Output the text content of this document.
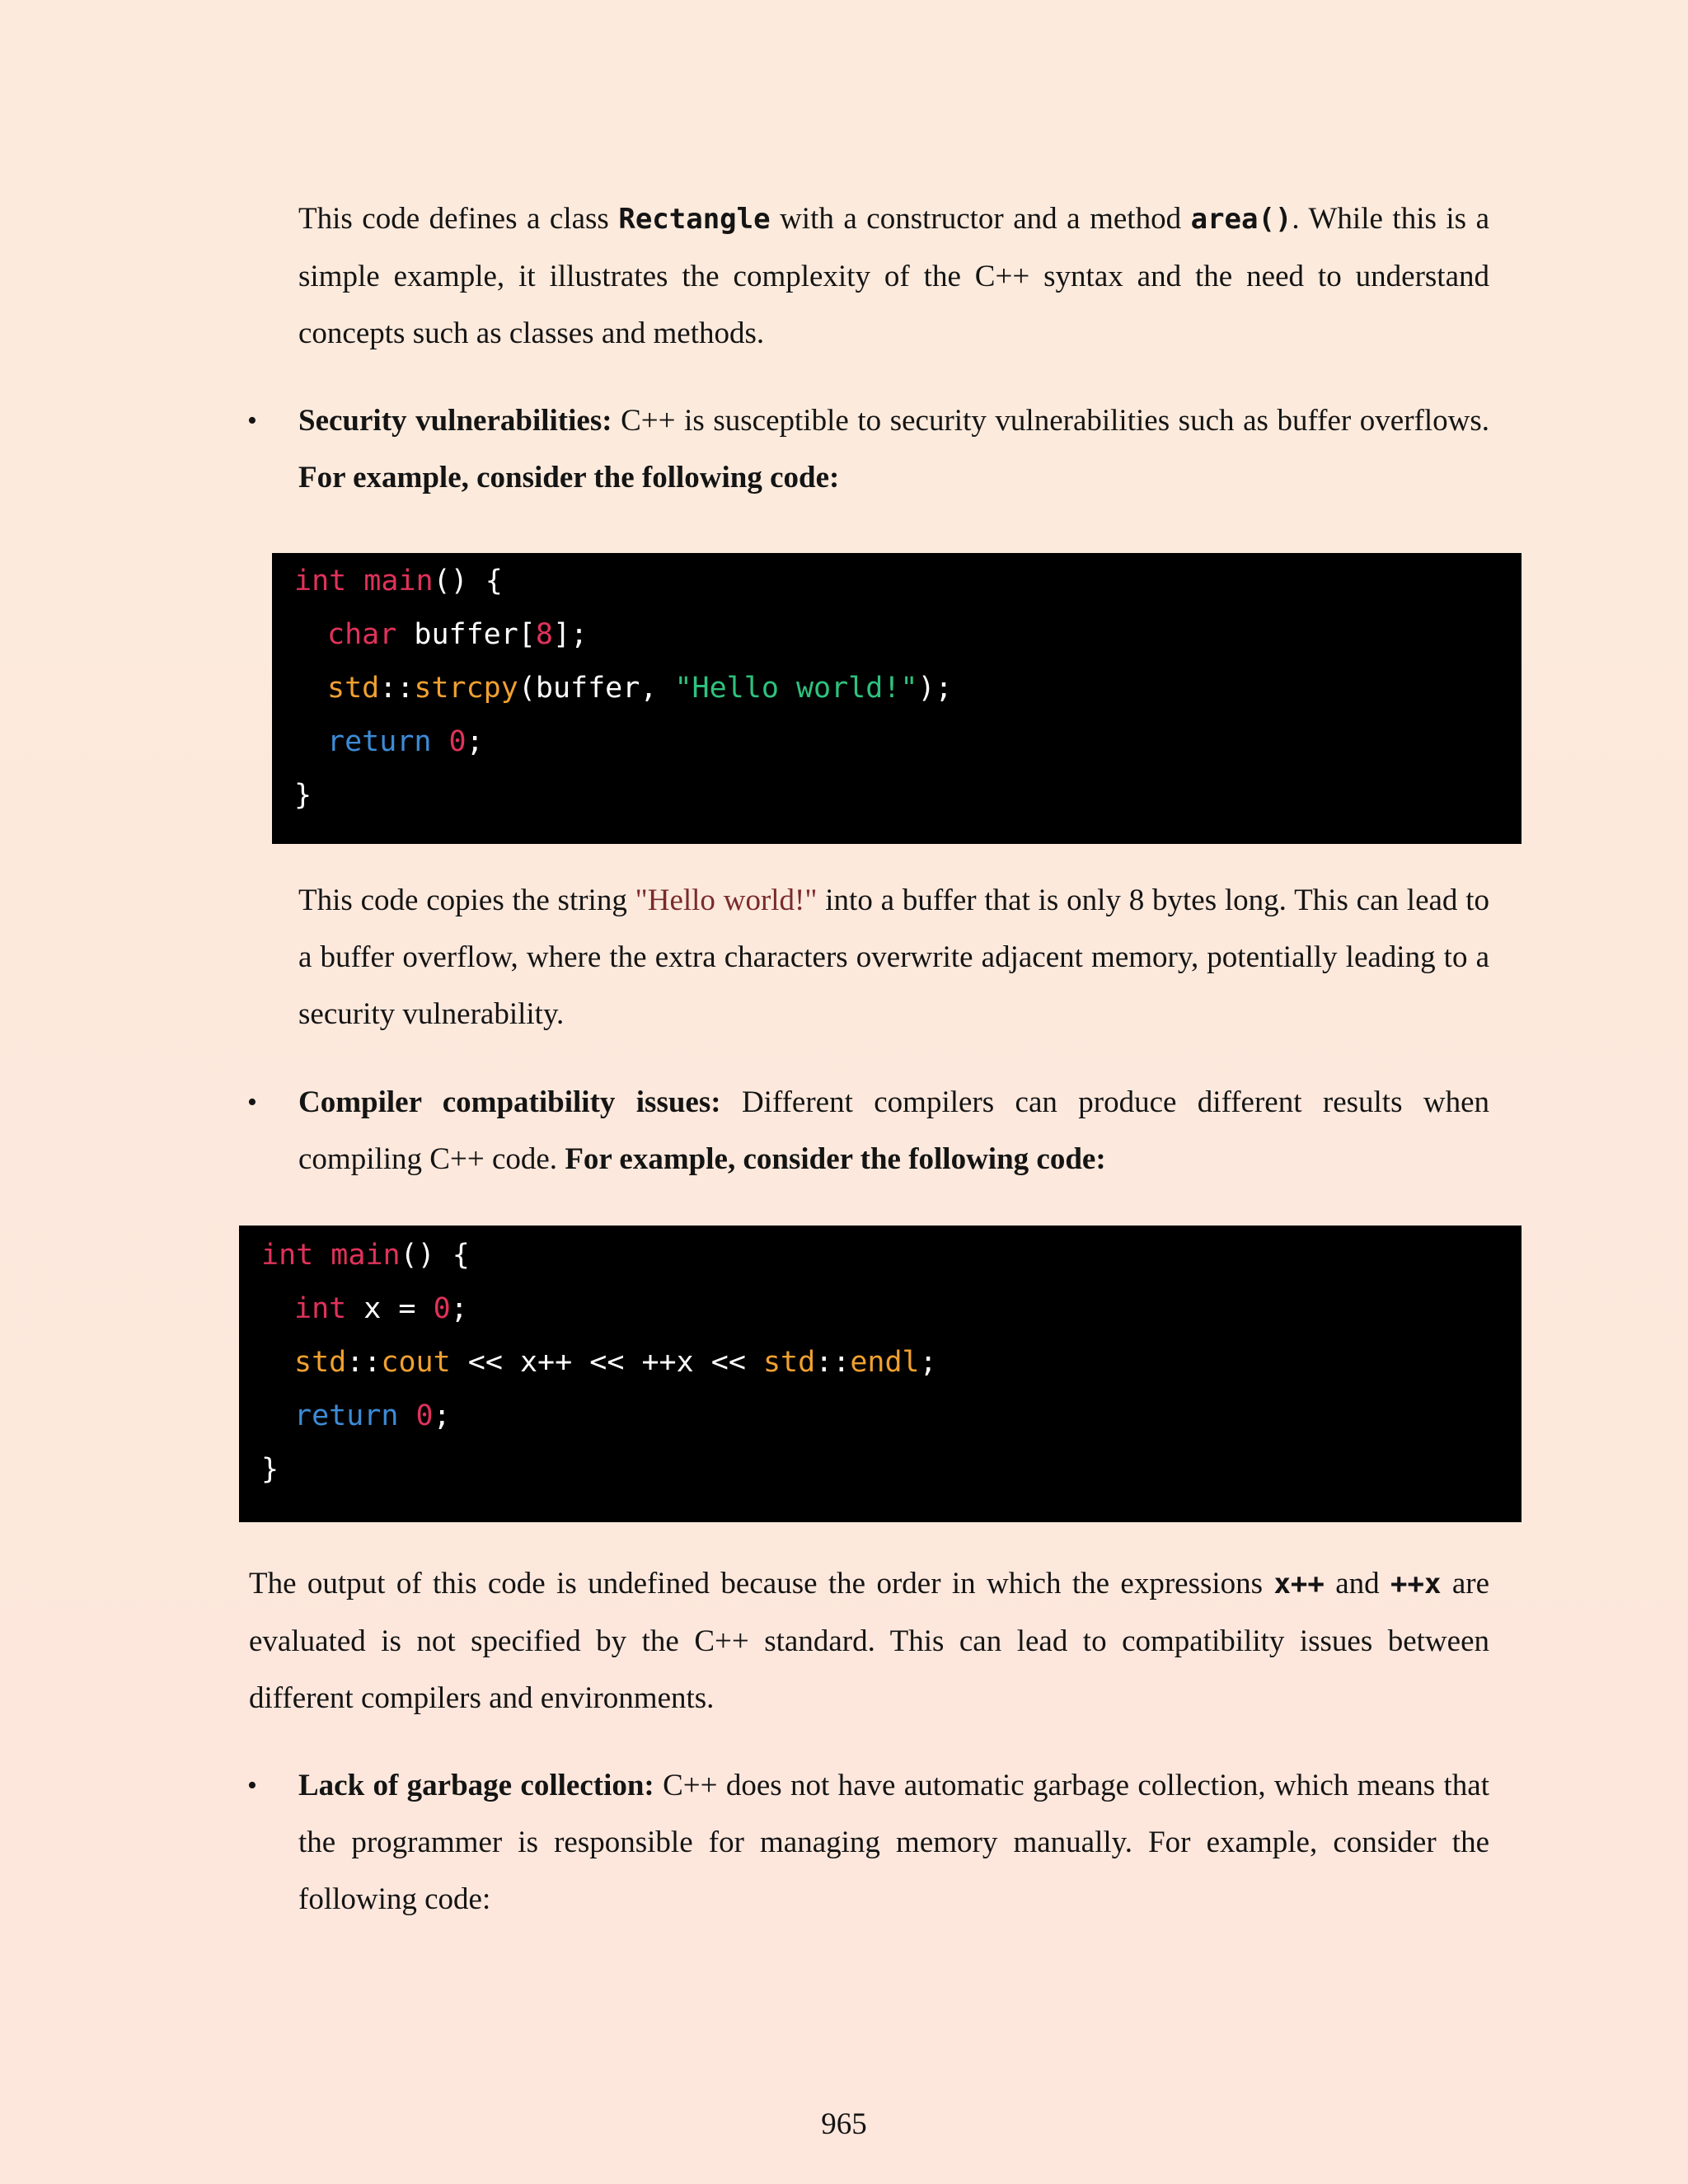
This code defines a class Rectangle with a constructor and a method area(). While this is a simple example, it illustrates the complexity of the C++ syntax and the need to understand concepts such as classes and methods.

• Security vulnerabilities: C++ is susceptible to security vulnerabilities such as buffer overflows. For example, consider the following code:

int main() {
char buffer[8];
std::strcpy(buffer, "Hello world!");
return 0;
}

This code copies the string "Hello world!" into a buffer that is only 8 bytes long. This can lead to a buffer overflow, where the extra characters overwrite adjacent memory, potentially leading to a security vulnerability.

• Compiler compatibility issues: Different compilers can produce different results when compiling C++ code. For example, consider the following code:

int main() {
int x = 0;
std::cout << x++ << ++x << std::endl;
return 0;
}

The output of this code is undefined because the order in which the expressions x++ and ++x are evaluated is not specified by the C++ standard. This can lead to compatibility issues between different compilers and environments.

• Lack of garbage collection: C++ does not have automatic garbage collection, which means that the programmer is responsible for managing memory manually. For example, consider the following code:

965
